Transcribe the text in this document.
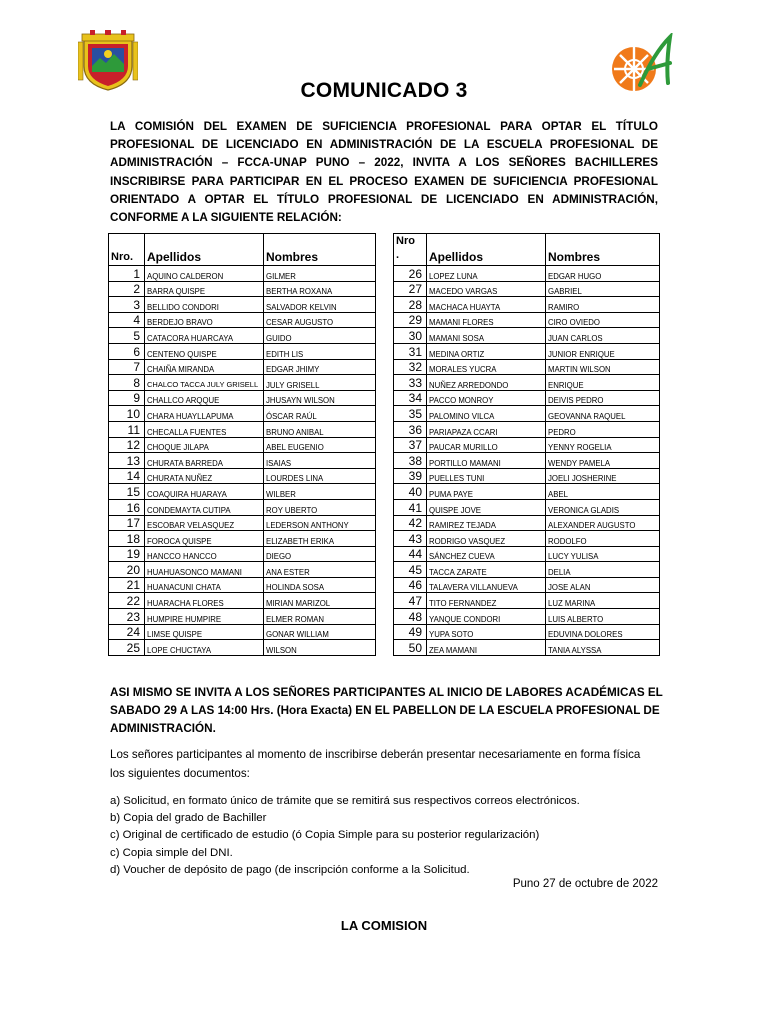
COMUNICADO 3
LA COMISIÓN DEL EXAMEN DE SUFICIENCIA PROFESIONAL PARA OPTAR EL TÍTULO PROFESIONAL DE LICENCIADO EN ADMINISTRACIÓN DE LA ESCUELA PROFESIONAL DE ADMINISTRACIÓN – FCCA-UNAP PUNO – 2022, INVITA A LOS SEÑORES BACHILLERES INSCRIBIRSE PARA PARTICIPAR EN EL PROCESO EXAMEN DE SUFICIENCIA PROFESIONAL ORIENTADO A OPTAR EL TÍTULO PROFESIONAL DE LICENCIADO EN ADMINISTRACIÓN, CONFORME A LA SIGUIENTE RELACIÓN:
Nro.	Apellidos	Nombres
1	AQUINO CALDERON	GILMER
2	BARRA QUISPE	BERTHA ROXANA
3	BELLIDO CONDORI	SALVADOR KELVIN
4	BERDEJO BRAVO	CESAR AUGUSTO
5	CATACORA HUARCAYA	GUIDO
6	CENTENO QUISPE	EDITH LIS
7	CHAIÑA MIRANDA	EDGAR JHIMY
8	CHALCO TACCA JULY GRISELL	JULY GRISELL
9	CHALLCO ARQQUE	JHUSAYN WILSON
10	CHARA HUAYLLAPUMA	ÓSCAR RAÚL
11	CHECALLA FUENTES	BRUNO ANIBAL
12	CHOQUE JILAPA	ABEL EUGENIO
13	CHURATA BARREDA	ISAIAS
14	CHURATA NUÑEZ	LOURDES LINA
15	COAQUIRA HUARAYA	WILBER
16	CONDEMAYTA CUTIPA	ROY UBERTO
17	ESCOBAR VELASQUEZ	LEDERSON ANTHONY
18	FOROCA QUISPE	ELIZABETH ERIKA
19	HANCCO HANCCO	DIEGO
20	HUAHUASONCO MAMANI	ANA ESTER
21	HUANACUNI CHATA	HOLINDA SOSA
22	HUARACHA FLORES	MIRIAN MARIZOL
23	HUMPIRE HUMPIRE	ELMER ROMAN
24	LIMSE QUISPE	GONAR WILLIAM
25	LOPE CHUCTAYA	WILSON
Nro
.	Apellidos	Nombres
26	LOPEZ LUNA	EDGAR HUGO
27	MACEDO VARGAS	GABRIEL
28	MACHACA HUAYTA	RAMIRO
29	MAMANI FLORES	CIRO OVIEDO
30	MAMANI SOSA	JUAN CARLOS
31	MEDINA ORTIZ	JUNIOR ENRIQUE
32	MORALES YUCRA	MARTIN WILSON
33	NUÑEZ ARREDONDO	ENRIQUE
34	PACCO MONROY	DEIVIS PEDRO
35	PALOMINO VILCA	GEOVANNA RAQUEL
36	PARIAPAZA CCARI	PEDRO
37	PAUCAR MURILLO	YENNY ROGELIA
38	PORTILLO MAMANI	WENDY PAMELA
39	PUELLES TUNI	JOELI JOSHERINE
40	PUMA PAYE	ABEL
41	QUISPE JOVE	VERONICA GLADIS
42	RAMIREZ TEJADA	ALEXANDER AUGUSTO
43	RODRIGO VASQUEZ	RODOLFO
44	SÁNCHEZ CUEVA	LUCY YULISA
45	TACCA ZARATE	DELIA
46	TALAVERA VILLANUEVA	JOSE ALAN
47	TITO FERNANDEZ	LUZ MARINA
48	YANQUE CONDORI	LUIS ALBERTO
49	YUPA SOTO	EDUVINA DOLORES
50	ZEA MAMANI	TANIA ALYSSA
ASI MISMO SE INVITA A LOS SEÑORES PARTICIPANTES AL INICIO DE LABORES ACADÉMICAS EL SABADO 29 A LAS 14:00 Hrs. (Hora Exacta) EN EL PABELLON DE LA ESCUELA PROFESIONAL DE ADMINISTRACIÓN.
Los señores participantes al momento de inscribirse deberán presentar necesariamente en forma física los siguientes documentos:
a) Solicitud, en formato único de trámite que se remitirá sus respectivos correos electrónicos.
b) Copia del grado de Bachiller
c) Original de certificado de estudio (ó Copia Simple para su posterior regularización)
c) Copia simple del DNI.
d) Voucher de depósito de pago (de inscripción conforme a la Solicitud.
Puno 27 de octubre de 2022
LA COMISION
